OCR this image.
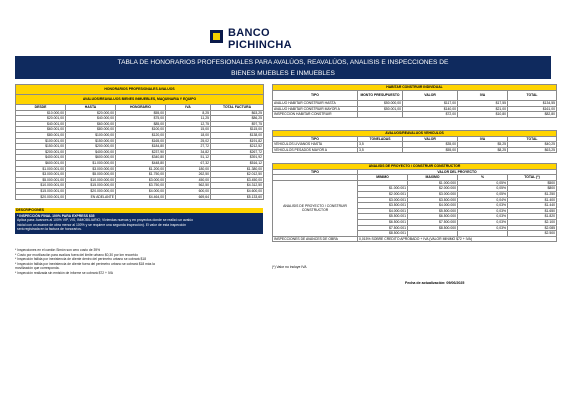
BANCO
PICHINCHA
TABLA DE HONORARIOS PROFESIONALES PARA AVALÚOS, REAVALÚOS, ANALISIS E INSPECCIONES DE
BIENES MUEBLES E INMUEBLES
HONORARIOS PROFESIONALES AVALUOS				
AVALUOS/REAVALUOS BIENES INMUEBLES, MAQUINARIA Y EQUIPO				
DESDE	HASTA	HONORARIO	IVA	TOTAL FACTURA
$10.000,00	$20.000,00	$55,00	8,25	$63,25
$20.001,00	$40.000,00	$75,00	11,25	$86,25
$40.001,00	$60.000,00	$85,00	12,75	$97,75
$60.001,00	$80.000,00	$100,00	15,00	$115,00
$80.001,00	$100.000,00	$120,00	18,00	$138,00
$100.001,00	$150.000,00	$165,00	25,02	$191,82
$150.001,00	$200.000,00	$184,80	27,72	$212,52
$200.001,00	$400.000,00	$237,90	34,82	$267,72
$400.001,00	$600.000,00	$340,80	51,12	$391,92
$600.001,00	$1.000.000,00	$448,80	67,32	$516,12
$1.000.001,00	$3.000.000,00	$1.200,00	180,00	$1.380,00
$3.000.001,00	$5.000.000,00	$1.750,00	262,50	$2.012,50
$5.000.001,00	$10.000.000,00	$3.000,00	450,00	$3.450,00
$10.000.001,00	$15.000.000,00	$3.750,00	562,50	$4.312,50
$15.000.001,00	$20.000.000,00	$4.000,00	600,00	$4.600,00
$20.000.001,00	EN ADELANTE	$4.464,00	669,64	$5.133,60
DESCRIPCIONES
* INSPECCIÓN FINAL 100% PARA EXPRESS $35
Aplica para: Avances al 100% VIP, VIS, INMOBILIARIO; Viviendas nuevas y en proyectos donde se realizó un avalúo
inicial con un avance de obra menor al 100% y se requiere una segunda inspección). El valor de esta inspección
será registrada en la factura de honorarios.
* Inspecciones en el cantón Simón son cero costo de 39%
* Costo por movilización para avalúos fuera del límite urbano $0,30 por km recorrido
* Inspección fallida por inexistencia de cliente dentro del perímetro urbano se cobrará $18
* Inspección fallida por inexistencia de cliente fuera del perímetro urbano se cobrará $18 más la
movilización que corresponda.
* Inspección realizada sin emisión de informe se cobrará $72 + IVA
HABITAR CONSTRUIR INDIVIDUAL				
TIPO	MONTO PRESUPUESTO	VALOR	IVA	TOTAL
AVALUO HABITAR CONSTRUIR HASTA	$50.000,00	$117,00	$17,55	$134,55
AVALUO HABITAR CONSTRUIR MAYOR A	$50.001,00	$140,00	$21,00	$161,00
INSPECCION HABITAR CONSTRUIR		$72,00	$10,80	$82,80
AVALUOS/REAVALUOS VEHICULOS				
TIPO	TONELADAS	VALOR	IVA	TOTAL
VEHICULOS LIVIANOS HASTA	3,5	$35,00	$5,25	$40,25
VEHICULOS PESADOS MAYOR A	3,5	$55,00	$8,25	$63,25
ANALISIS DE PROYECTO / CONSTRUIR CONSTRUCTOR				
TIPO	VALOR DEL PROYECTO			
	MINIMO	MAXIMO	%	TOTAL (*)
ANALISIS DE PROYECTO / CONSTRUIR CONSTRUCTOR		$1.000.000	0,05%	$500
	$1.000.001	$2.000.000	0,05%	$800
	$2.000.001	$3.000.000	0,05%	$1.250
	$3.000.001	$3.500.000	0,04%	$1.400
	$3.500.001	$4.000.000	0,03%	$1.440
	$4.000.001	$5.500.000	0,03%	$1.650
	$5.500.001	$6.500.000	0,03%	$1.820
	$6.500.001	$7.500.000	0,03%	$2.100
	$7.500.001	$8.500.000	0,03%	$2.085
	$8.500.001			$2.500
INSPECCIONES DE AVANCES DE OBRA	0,015% SOBRE CREDITO APROBADO + IVA (VALOR MINIMO $72 + IVA)			
(*) Valor no incluye IVA
Fecha de actualización: 09/06/2025
